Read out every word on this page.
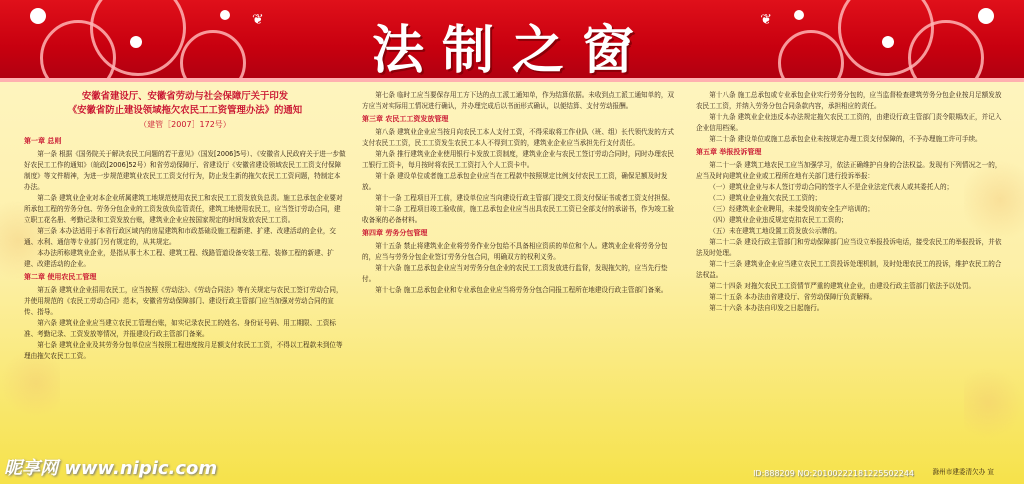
❦	❦
法制之窗
安徽省建设厅、安徽省劳动与社会保障厅关于印发
《安徽省防止建设领域拖欠农民工工资管理办法》的通知
（建管［2007］172号）
第一章 总则

第一条 根据《国务院关于解决农民工问题的若干意见》（国发[2006]5号）、《安徽省人民政府关于进一步做好农民工工作的通知》（皖政[2006]52号）和省劳动保障厅、省建设厅《安徽省建设领域农民工工资支付保障制度》等文件精神，为进一步规范建筑业农民工工资支付行为，防止发生新的拖欠农民工工资问题，特制定本办法。

第二条 建筑业企业对本企业所属建筑工地规范使用农民工和农民工工资发放负总责。施工总承包企业要对所承包工程的劳务分包、劳务分包企业的工资发放负监管责任，建筑工地使用农民工，应当签订劳动合同，建立职工花名册、考勤记录和工资发放台账，建筑业企业应按国家规定的时间发放农民工工资。

第三条 本办法适用于本省行政区域内的房屋建筑和市政基础设施工程新建、扩建、改建活动的企业，交通、水利、通信等专业部门另有规定的，从其规定。

本办法所称建筑业企业，是指从事土木工程、建筑工程、线路管道设备安装工程、装修工程的新建、扩建、改建活动的企业。

第二章 使用农民工管理

第五条 建筑业企业招用农民工，应当按照《劳动法》、《劳动合同法》等有关规定与农民工签订劳动合同，并使用规范的《农民工劳动合同》范本，安徽省劳动保障部门、建设行政主管部门应当加强对劳动合同的宣传、指导。

第六条 建筑业企业应当建立农民工管理台账，如实记录农民工的姓名、身份证号码、用工期限、工资标准、考勤记录、工资发放等情况，并报建设行政主管部门备案。

第七条 建筑业企业及其劳务分包单位应当按照工程进度按月足额支付农民工工资，不得以工程款未到位等理由拖欠农民工工资。

第七条 临时工应当要保存用工方下达的点工派工通知单，作为结算依据。未收到点工派工通知单的，双方应当对实际用工情况进行确认，并办理完成后以书面形式确认，以便结算、支付劳动报酬。

第三章 农民工工资发放管理

第八条 建筑业企业应当按月向农民工本人支付工资，不得采取将工作业队（班、组）长代领代发的方式支付农民工工资，民工工资发生农民工本人不得到工资的，建筑业企业应当承担先行支付责任。

第九条 推行建筑业企业使用银行卡发放工资制度，建筑业企业与农民工签订劳动合同时，同时办理农民工银行工资卡，每月按时将农民工工资打入个人工资卡中。

第十条 建设单位或者施工总承包企业应当在工程款中按照规定比例支付农民工工资，确保足额及时发放。

第十一条 工程项目开工前，建设单位应当向建设行政主管部门提交工资支付保证书或者工资支付担保。

第十二条 工程项目竣工验收前，施工总承包企业应当出具农民工工资已全部支付的承诺书，作为竣工验收备案的必备材料。

第四章 劳务分包管理

第十五条 禁止将建筑业企业将劳务作业分包给不具备相应资质的单位和个人。建筑业企业将劳务分包的，应当与劳务分包企业签订劳务分包合同，明确双方的权利义务。

第十六条 施工总承包企业应当对劳务分包企业的农民工工资发放进行监督，发现拖欠的，应当先行垫付。

第十七条 施工总承包企业和专业承包企业应当将劳务分包合同报工程所在地建设行政主管部门备案。

第十八条 施工总承包或专业承包企业实行劳务分包的，应当监督检查建筑劳务分包企业按月足额发放农民工工资，并纳入劳务分包合同条款内容，承担相应的责任。

第十九条 建筑业企业违反本办法规定拖欠农民工工资的，由建设行政主管部门责令限期改正，并记入企业信用档案。

第二十条 建设单位或施工总承包企业未按规定办理工资支付保障的，不予办理施工许可手续。

第五章 举报投诉管理

第二十一条 建筑工地农民工应当加强学习，依法正确维护自身的合法权益。发现有下列情况之一的，应当及时向建筑业企业或工程所在地有关部门进行投诉举报：

（一）建筑业企业与本人签订劳动合同的签字人不是企业法定代表人或其委托人的；

（二）建筑业企业拖欠农民工工资的；

（三）经建筑业企业聘用，未接受岗前安全生产培训的；

（四）建筑业企业违反规定克扣农民工工资的；

（五）未在建筑工地设置工资发放公示牌的。

第二十二条 建设行政主管部门和劳动保障部门应当设立举报投诉电话，接受农民工的举报投诉，并依法及时处理。

第二十三条 建筑业企业应当建立农民工工资投诉处理机制，及时处理农民工的投诉，维护农民工的合法权益。

第二十四条 对拖欠农民工工资情节严重的建筑业企业，由建设行政主管部门依法予以处罚。

第二十五条 本办法由省建设厅、省劳动保障厅负责解释。

第二十六条 本办法自印发之日起施行。

滁州市建委清欠办 宣
昵享网 www.nipic.com	ID:888209 NO:20100222181225502244
